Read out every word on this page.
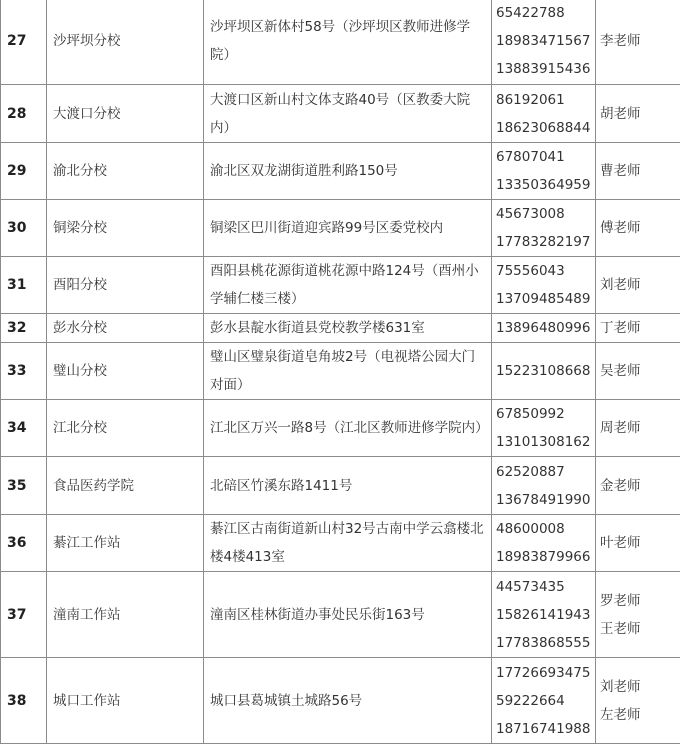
27	沙坪坝分校	沙坪坝区新体村58号（沙坪坝区教师进修学院）	65422788
18983471567
13883915436	李老师

28	大渡口分校	大渡口区新山村文体支路40号（区教委大院内）	86192061
18623068844	胡老师

29	渝北分校	渝北区双龙湖街道胜利路150号	67807041
13350364959	曹老师

30	铜梁分校	铜梁区巴川街道迎宾路99号区委党校内	45673008
17783282197	傅老师

31	酉阳分校	酉阳县桃花源街道桃花源中路124号（酉州小学辅仁楼三楼）	75556043
13709485489	刘老师

32	彭水分校	彭水县靛水街道县党校教学楼631室	13896480996	丁老师

33	璧山分校	璧山区璧泉街道皂角坡2号（电视塔公园大门对面）	15223108668	吴老师

34	江北分校	江北区万兴一路8号（江北区教师进修学院内）	67850992
13101308162	周老师

35	食品医药学院	北碚区竹溪东路1411号	62520887
13678491990	金老师

36	綦江工作站	綦江区古南街道新山村32号古南中学云翕楼北楼4楼413室	48600008
18983879966	叶老师

37	潼南工作站	潼南区桂林街道办事处民乐街163号	44573435
15826141943
17783868555	罗老师
王老师

38	城口工作站	城口县葛城镇土城路56号	17726693475
59222664
18716741988	刘老师
左老师
